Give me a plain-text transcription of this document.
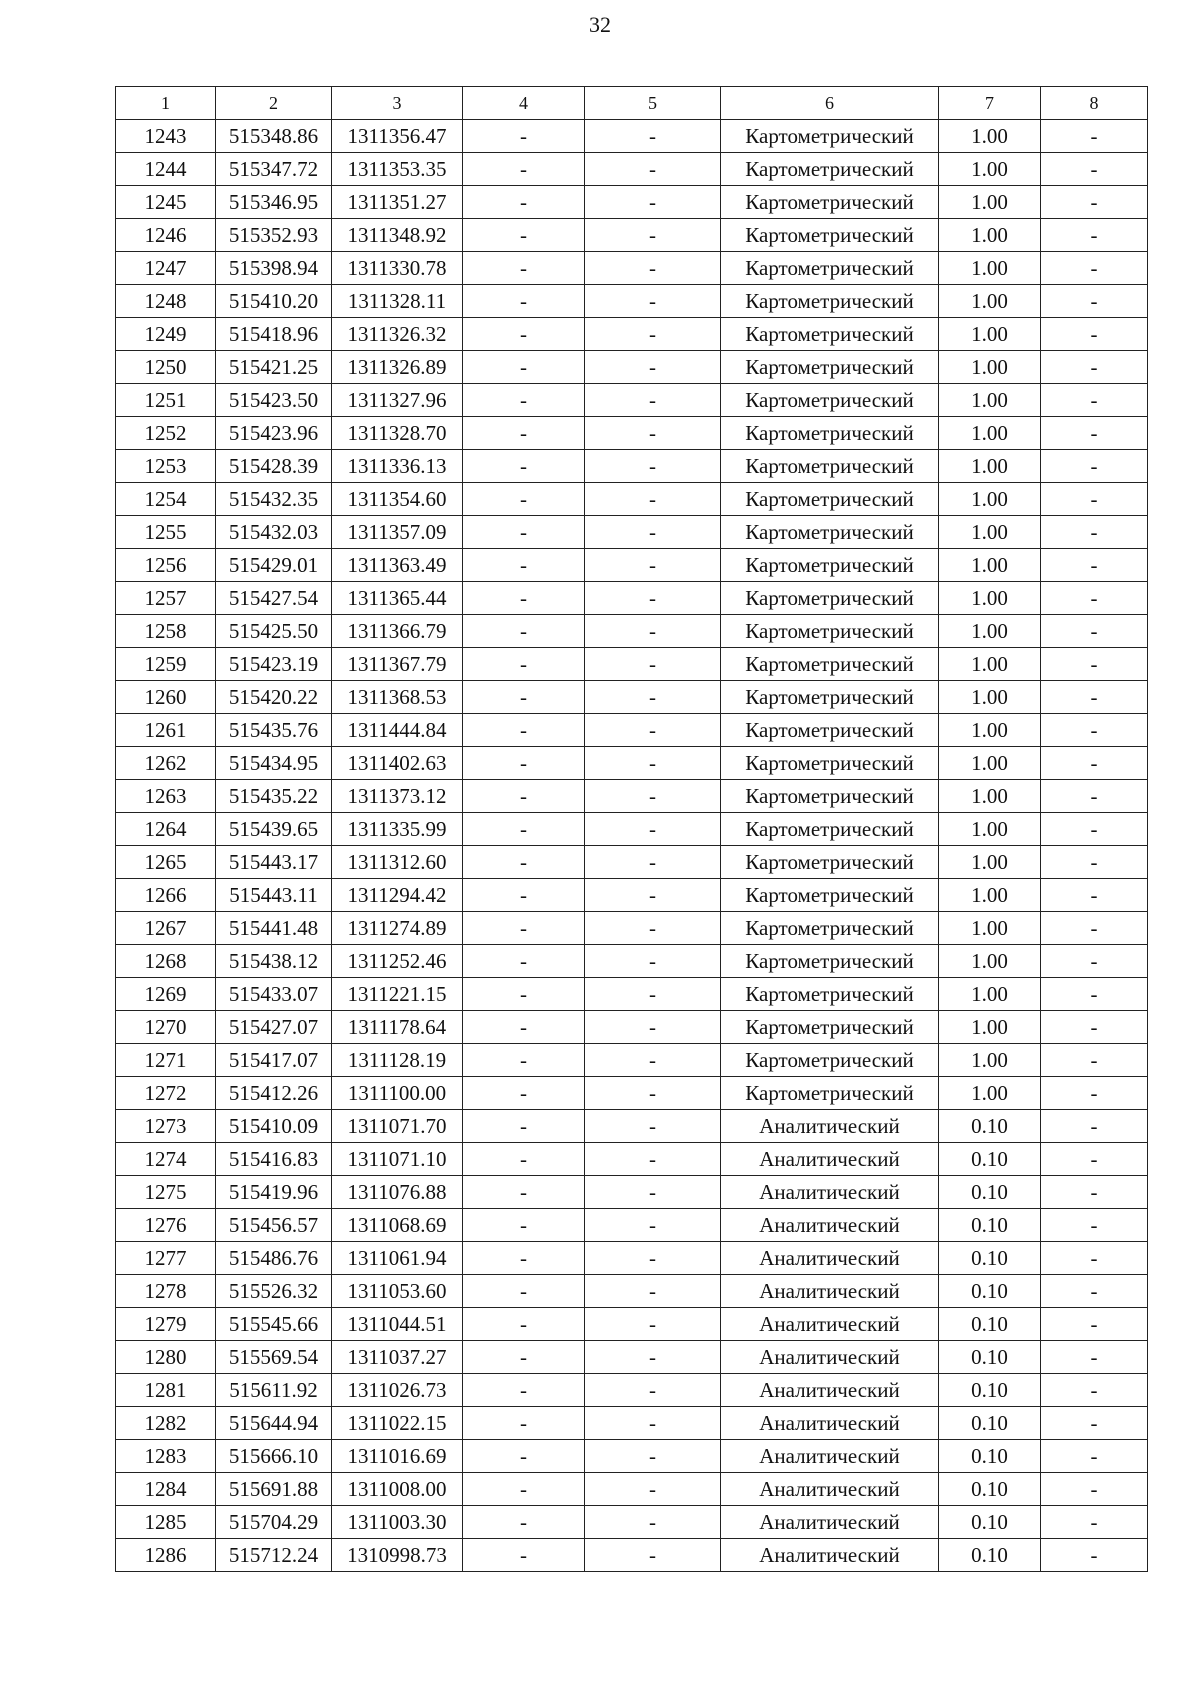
32
1	2	3	4	5	6	7	8
1243	515348.86	1311356.47	-	-	Картометрический	1.00	-
1244	515347.72	1311353.35	-	-	Картометрический	1.00	-
1245	515346.95	1311351.27	-	-	Картометрический	1.00	-
1246	515352.93	1311348.92	-	-	Картометрический	1.00	-
1247	515398.94	1311330.78	-	-	Картометрический	1.00	-
1248	515410.20	1311328.11	-	-	Картометрический	1.00	-
1249	515418.96	1311326.32	-	-	Картометрический	1.00	-
1250	515421.25	1311326.89	-	-	Картометрический	1.00	-
1251	515423.50	1311327.96	-	-	Картометрический	1.00	-
1252	515423.96	1311328.70	-	-	Картометрический	1.00	-
1253	515428.39	1311336.13	-	-	Картометрический	1.00	-
1254	515432.35	1311354.60	-	-	Картометрический	1.00	-
1255	515432.03	1311357.09	-	-	Картометрический	1.00	-
1256	515429.01	1311363.49	-	-	Картометрический	1.00	-
1257	515427.54	1311365.44	-	-	Картометрический	1.00	-
1258	515425.50	1311366.79	-	-	Картометрический	1.00	-
1259	515423.19	1311367.79	-	-	Картометрический	1.00	-
1260	515420.22	1311368.53	-	-	Картометрический	1.00	-
1261	515435.76	1311444.84	-	-	Картометрический	1.00	-
1262	515434.95	1311402.63	-	-	Картометрический	1.00	-
1263	515435.22	1311373.12	-	-	Картометрический	1.00	-
1264	515439.65	1311335.99	-	-	Картометрический	1.00	-
1265	515443.17	1311312.60	-	-	Картометрический	1.00	-
1266	515443.11	1311294.42	-	-	Картометрический	1.00	-
1267	515441.48	1311274.89	-	-	Картометрический	1.00	-
1268	515438.12	1311252.46	-	-	Картометрический	1.00	-
1269	515433.07	1311221.15	-	-	Картометрический	1.00	-
1270	515427.07	1311178.64	-	-	Картометрический	1.00	-
1271	515417.07	1311128.19	-	-	Картометрический	1.00	-
1272	515412.26	1311100.00	-	-	Картометрический	1.00	-
1273	515410.09	1311071.70	-	-	Аналитический	0.10	-
1274	515416.83	1311071.10	-	-	Аналитический	0.10	-
1275	515419.96	1311076.88	-	-	Аналитический	0.10	-
1276	515456.57	1311068.69	-	-	Аналитический	0.10	-
1277	515486.76	1311061.94	-	-	Аналитический	0.10	-
1278	515526.32	1311053.60	-	-	Аналитический	0.10	-
1279	515545.66	1311044.51	-	-	Аналитический	0.10	-
1280	515569.54	1311037.27	-	-	Аналитический	0.10	-
1281	515611.92	1311026.73	-	-	Аналитический	0.10	-
1282	515644.94	1311022.15	-	-	Аналитический	0.10	-
1283	515666.10	1311016.69	-	-	Аналитический	0.10	-
1284	515691.88	1311008.00	-	-	Аналитический	0.10	-
1285	515704.29	1311003.30	-	-	Аналитический	0.10	-
1286	515712.24	1310998.73	-	-	Аналитический	0.10	-
